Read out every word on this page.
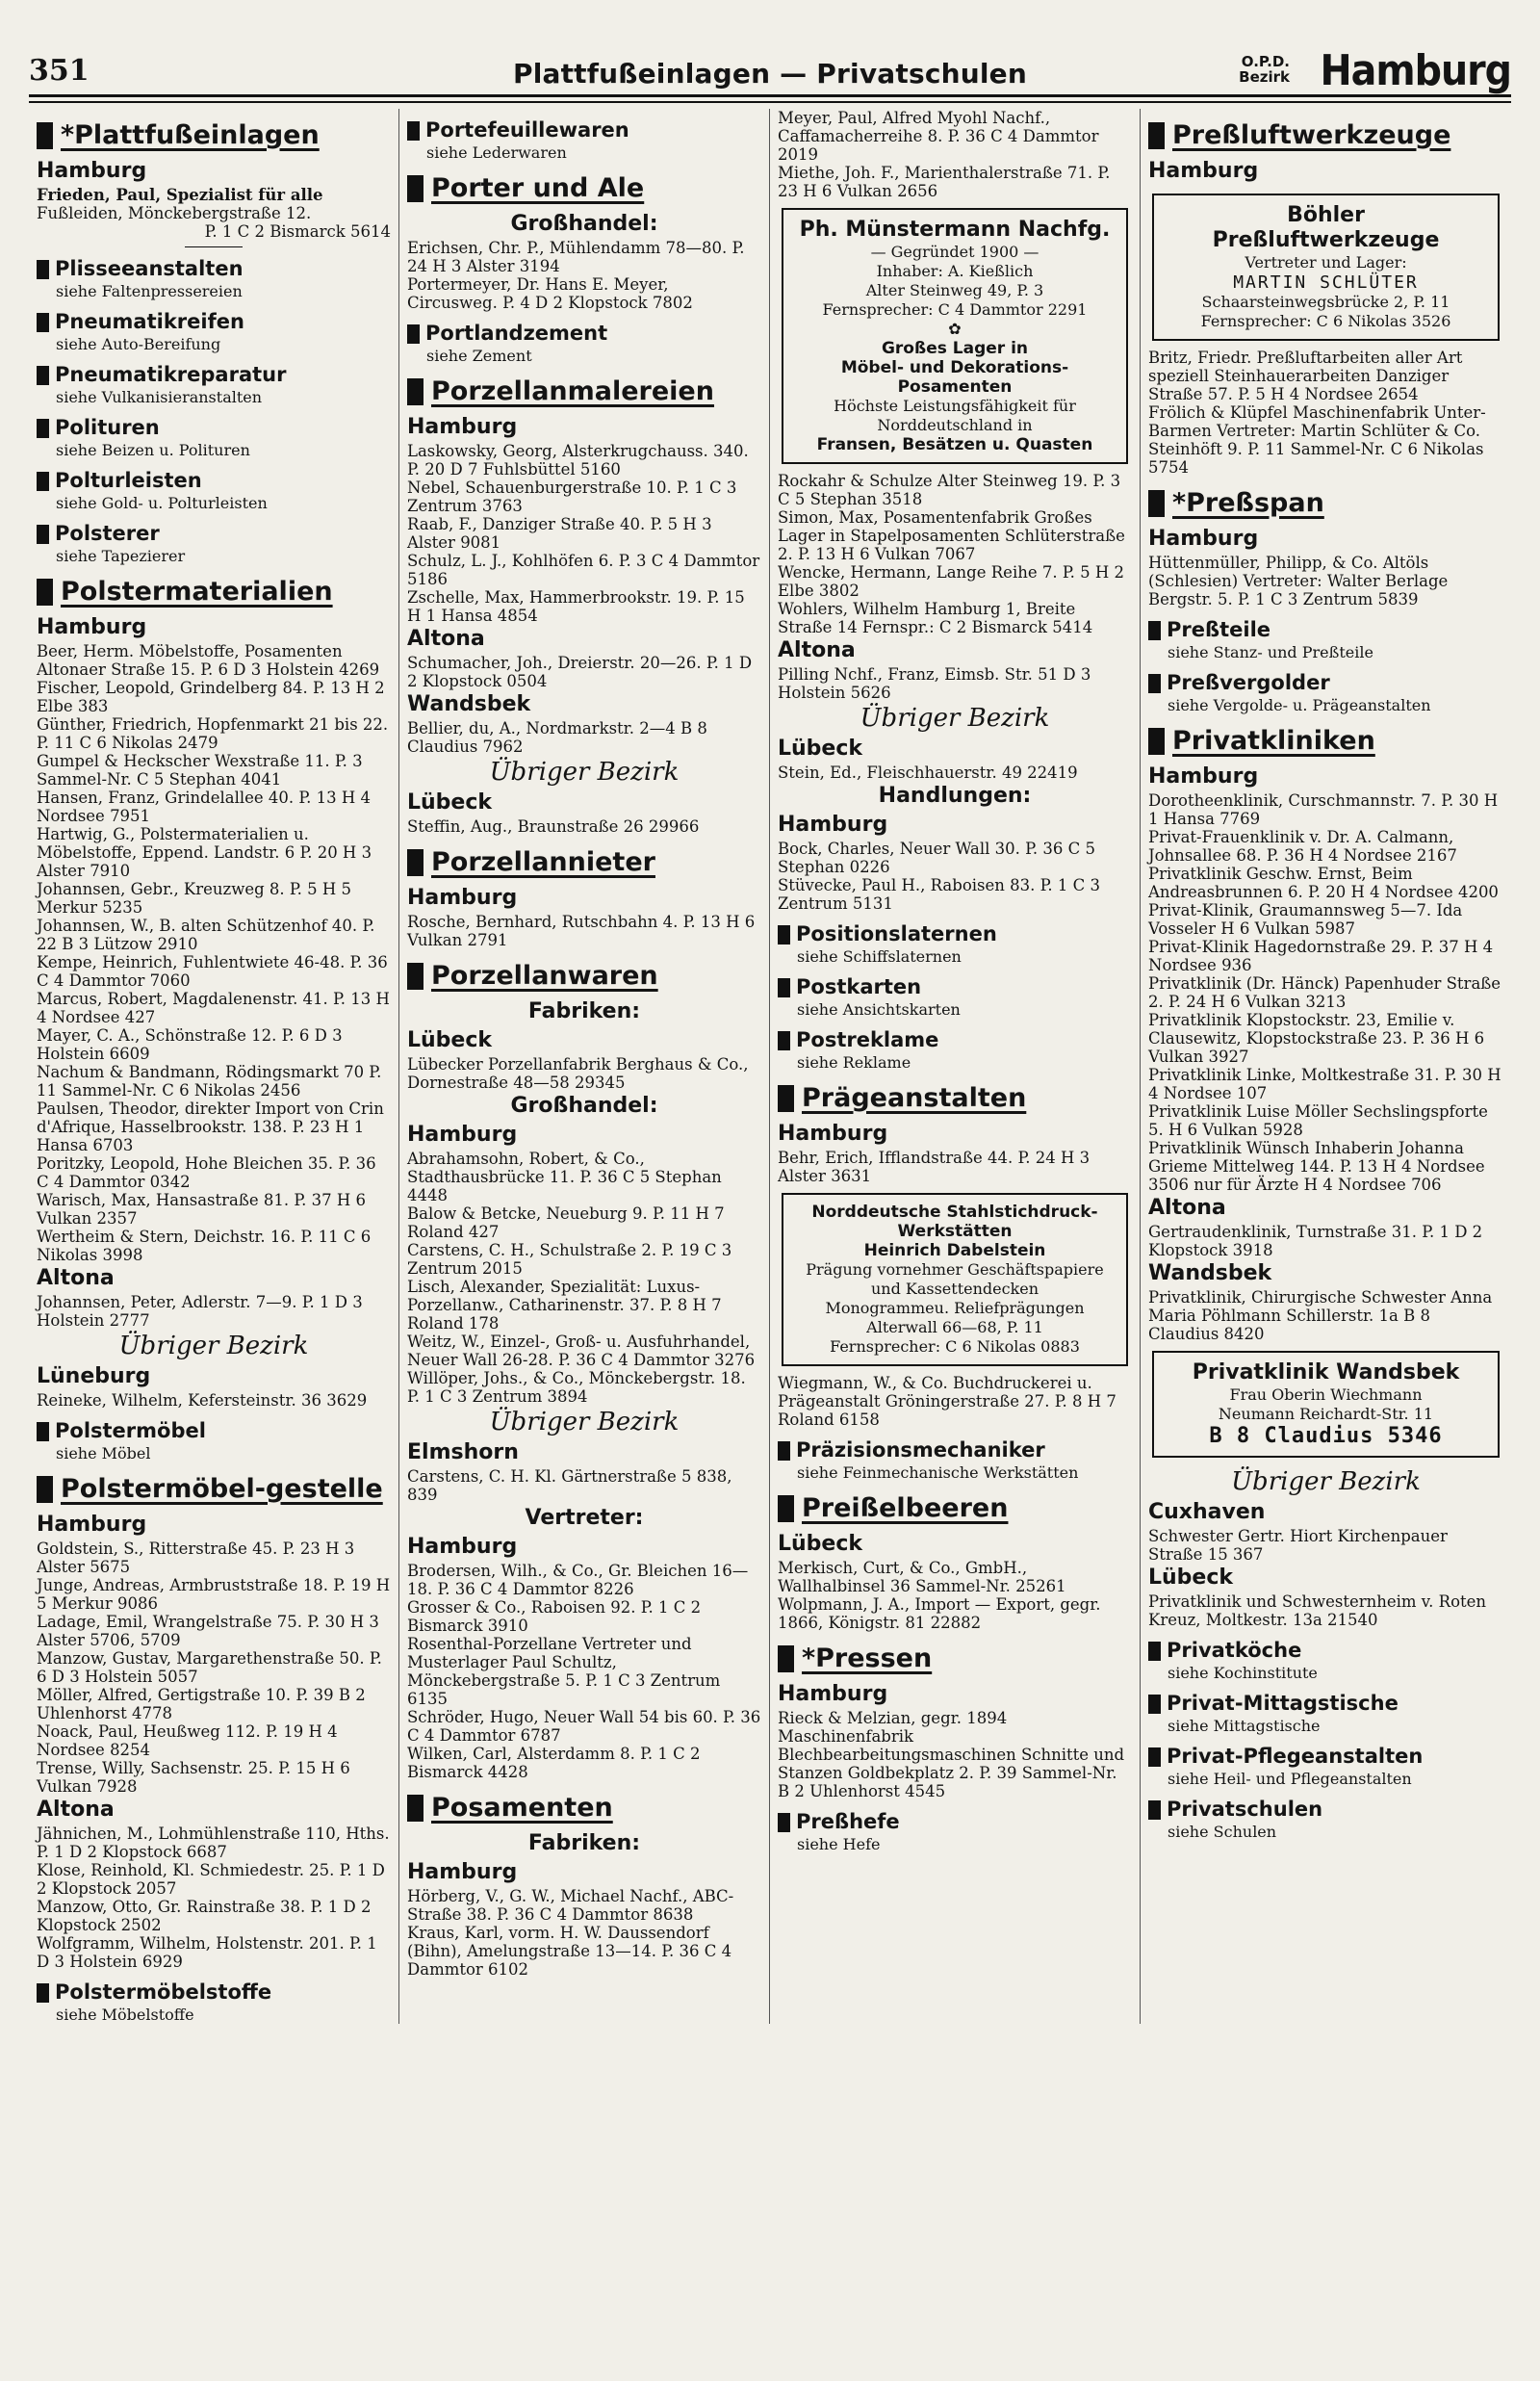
351	Plattfußeinlagen — Privatschulen	O.P.D.
Bezirk Hamburg
*Plattfußeinlagen

Hamburg

Frieden, Paul, Spezialist für alle
Fußleiden, Mönckebergstraße 12.
P. 1 C 2 Bismarck 5614
Plisseeanstalten

siehe Faltenpressereien

Pneumatikreifen

siehe Auto-Bereifung

Pneumatikreparatur

siehe Vulkanisieranstalten

Polituren

siehe Beizen u. Polituren

Polturleisten

siehe Gold- u. Polturleisten

Polsterer

siehe Tapezierer

Polstermaterialien

Hamburg

Beer, Herm. Möbelstoffe, Posamenten Altonaer Straße 15. P. 6 D 3 Holstein 4269

Fischer, Leopold, Grindelberg 84. P. 13 H 2 Elbe 383

Günther, Friedrich, Hopfenmarkt 21 bis 22. P. 11 C 6 Nikolas 2479

Gumpel & Heckscher Wexstraße 11. P. 3 Sammel-Nr. C 5 Stephan 4041

Hansen, Franz, Grindelallee 40. P. 13 H 4 Nordsee 7951

Hartwig, G., Polstermaterialien u. Möbelstoffe, Eppend. Landstr. 6 P. 20 H 3 Alster 7910

Johannsen, Gebr., Kreuzweg 8. P. 5 H 5 Merkur 5235

Johannsen, W., B. alten Schützenhof 40. P. 22 B 3 Lützow 2910

Kempe, Heinrich, Fuhlentwiete 46-48. P. 36 C 4 Dammtor 7060

Marcus, Robert, Magdalenenstr. 41. P. 13 H 4 Nordsee 427

Mayer, C. A., Schönstraße 12. P. 6 D 3 Holstein 6609

Nachum & Bandmann, Rödingsmarkt 70 P. 11 Sammel-Nr. C 6 Nikolas 2456

Paulsen, Theodor, direkter Import von Crin d'Afrique, Hasselbrookstr. 138. P. 23 H 1 Hansa 6703

Poritzky, Leopold, Hohe Bleichen 35. P. 36 C 4 Dammtor 0342

Warisch, Max, Hansastraße 81. P. 37 H 6 Vulkan 2357

Wertheim & Stern, Deichstr. 16. P. 11 C 6 Nikolas 3998

Altona

Johannsen, Peter, Adlerstr. 7—9. P. 1 D 3 Holstein 2777

Übriger Bezirk

Lüneburg

Reineke, Wilhelm, Kefersteinstr. 36 3629

Polstermöbel

siehe Möbel

Polstermöbel-gestelle

Hamburg

Goldstein, S., Ritterstraße 45. P. 23 H 3 Alster 5675

Junge, Andreas, Armbruststraße 18. P. 19 H 5 Merkur 9086

Ladage, Emil, Wrangelstraße 75. P. 30 H 3 Alster 5706, 5709

Manzow, Gustav, Margarethenstraße 50. P. 6 D 3 Holstein 5057

Möller, Alfred, Gertigstraße 10. P. 39 B 2 Uhlenhorst 4778

Noack, Paul, Heußweg 112. P. 19 H 4 Nordsee 8254

Trense, Willy, Sachsenstr. 25. P. 15 H 6 Vulkan 7928

Altona

Jähnichen, M., Lohmühlenstraße 110, Hths. P. 1 D 2 Klopstock 6687

Klose, Reinhold, Kl. Schmiedestr. 25. P. 1 D 2 Klopstock 2057

Manzow, Otto, Gr. Rainstraße 38. P. 1 D 2 Klopstock 2502

Wolfgramm, Wilhelm, Holstenstr. 201. P. 1 D 3 Holstein 6929

Polstermöbelstoffe

siehe Möbelstoffe

Portefeuillewaren

siehe Lederwaren

Porter und Ale

Großhandel:

Erichsen, Chr. P., Mühlendamm 78—80. P. 24 H 3 Alster 3194

Portermeyer, Dr. Hans E. Meyer, Circusweg. P. 4 D 2 Klopstock 7802

Portlandzement

siehe Zement

Porzellanmalereien

Hamburg

Laskowsky, Georg, Alsterkrugchauss. 340. P. 20 D 7 Fuhlsbüttel 5160

Nebel, Schauenburgerstraße 10. P. 1 C 3 Zentrum 3763

Raab, F., Danziger Straße 40. P. 5 H 3 Alster 9081

Schulz, L. J., Kohlhöfen 6. P. 3 C 4 Dammtor 5186

Zschelle, Max, Hammerbrookstr. 19. P. 15 H 1 Hansa 4854

Altona

Schumacher, Joh., Dreierstr. 20—26. P. 1 D 2 Klopstock 0504

Wandsbek

Bellier, du, A., Nordmarkstr. 2—4 B 8 Claudius 7962

Übriger Bezirk

Lübeck

Steffin, Aug., Braunstraße 26 29966

Porzellannieter

Hamburg

Rosche, Bernhard, Rutschbahn 4. P. 13 H 6 Vulkan 2791

Porzellanwaren

Fabriken:

Lübeck

Lübecker Porzellanfabrik Berghaus & Co., Dornestraße 48—58 29345

Großhandel:

Hamburg

Abrahamsohn, Robert, & Co., Stadthausbrücke 11. P. 36 C 5 Stephan 4448

Balow & Betcke, Neueburg 9. P. 11 H 7 Roland 427

Carstens, C. H., Schulstraße 2. P. 19 C 3 Zentrum 2015

Lisch, Alexander, Spezialität: Luxus-Porzellanw., Catharinenstr. 37. P. 8 H 7 Roland 178

Weitz, W., Einzel-, Groß- u. Ausfuhrhandel, Neuer Wall 26-28. P. 36 C 4 Dammtor 3276

Willöper, Johs., & Co., Mönckebergstr. 18. P. 1 C 3 Zentrum 3894

Übriger Bezirk

Elmshorn

Carstens, C. H. Kl. Gärtnerstraße 5 838, 839

Vertreter:

Hamburg

Brodersen, Wilh., & Co., Gr. Bleichen 16—18. P. 36 C 4 Dammtor 8226

Grosser & Co., Raboisen 92. P. 1 C 2 Bismarck 3910

Rosenthal-Porzellane Vertreter und Musterlager Paul Schultz, Mönckebergstraße 5. P. 1 C 3 Zentrum 6135

Schröder, Hugo, Neuer Wall 54 bis 60. P. 36 C 4 Dammtor 6787

Wilken, Carl, Alsterdamm 8. P. 1 C 2 Bismarck 4428

Posamenten

Fabriken:

Hamburg

Hörberg, V., G. W., Michael Nachf., ABC-Straße 38. P. 36 C 4 Dammtor 8638

Kraus, Karl, vorm. H. W. Daussendorf (Bihn), Amelungstraße 13—14. P. 36 C 4 Dammtor 6102

Meyer, Paul, Alfred Myohl Nachf., Caffamacherreihe 8. P. 36 C 4 Dammtor 2019

Miethe, Joh. F., Marienthalerstraße 71. P. 23 H 6 Vulkan 2656

Ph. Münstermann Nachfg.
— Gegründet 1900 —
Inhaber: A. Kießlich
Alter Steinweg 49, P. 3
Fernsprecher: C 4 Dammtor 2291
✿
Großes Lager in
Möbel- und Dekorations-
Posamenten
Höchste Leistungsfähigkeit für
Norddeutschland in
Fransen, Besätzen u. Quasten

Rockahr & Schulze Alter Steinweg 19. P. 3 C 5 Stephan 3518

Simon, Max, Posamentenfabrik Großes Lager in Stapelposamenten Schlüterstraße 2. P. 13 H 6 Vulkan 7067

Wencke, Hermann, Lange Reihe 7. P. 5 H 2 Elbe 3802

Wohlers, Wilhelm Hamburg 1, Breite Straße 14 Fernspr.: C 2 Bismarck 5414

Altona

Pilling Nchf., Franz, Eimsb. Str. 51 D 3 Holstein 5626

Übriger Bezirk

Lübeck

Stein, Ed., Fleischhauerstr. 49 22419

Handlungen:

Hamburg

Bock, Charles, Neuer Wall 30. P. 36 C 5 Stephan 0226

Stüvecke, Paul H., Raboisen 83. P. 1 C 3 Zentrum 5131

Positionslaternen

siehe Schiffslaternen

Postkarten

siehe Ansichtskarten

Postreklame

siehe Reklame

Prägeanstalten

Hamburg

Behr, Erich, Ifflandstraße 44. P. 24 H 3 Alster 3631

Norddeutsche Stahlstichdruck-
Werkstätten
Heinrich Dabelstein
Prägung vornehmer Geschäftspapiere und Kassettendecken
Monogrammeu. Reliefprägungen
Alterwall 66—68, P. 11
Fernsprecher: C 6 Nikolas 0883

Wiegmann, W., & Co. Buchdruckerei u. Prägeanstalt Gröningerstraße 27. P. 8 H 7 Roland 6158

Präzisionsmechaniker

siehe Feinmechanische Werkstätten

Preißelbeeren

Lübeck

Merkisch, Curt, & Co., GmbH., Wallhalbinsel 36 Sammel-Nr. 25261

Wolpmann, J. A., Import — Export, gegr. 1866, Königstr. 81 22882

*Pressen

Hamburg

Rieck & Melzian, gegr. 1894 Maschinenfabrik Blechbearbeitungsmaschinen Schnitte und Stanzen Goldbekplatz 2. P. 39 Sammel-Nr. B 2 Uhlenhorst 4545

Preßhefe

siehe Hefe

Preßluftwerkzeuge

Hamburg

Böhler
Preßluftwerkzeuge
Vertreter und Lager:
MARTIN SCHLÜTER
Schaarsteinwegsbrücke 2, P. 11
Fernsprecher: C 6 Nikolas 3526

Britz, Friedr. Preßluftarbeiten aller Art speziell Steinhauerarbeiten Danziger Straße 57. P. 5 H 4 Nordsee 2654

Frölich & Klüpfel Maschinenfabrik Unter-Barmen Vertreter: Martin Schlüter & Co. Steinhöft 9. P. 11 Sammel-Nr. C 6 Nikolas 5754

*Preßspan

Hamburg

Hüttenmüller, Philipp, & Co. Altöls (Schlesien) Vertreter: Walter Berlage Bergstr. 5. P. 1 C 3 Zentrum 5839

Preßteile

siehe Stanz- und Preßteile

Preßvergolder

siehe Vergolde- u. Prägeanstalten

Privatkliniken

Hamburg

Dorotheenklinik, Curschmannstr. 7. P. 30 H 1 Hansa 7769

Privat-Frauenklinik v. Dr. A. Calmann, Johnsallee 68. P. 36 H 4 Nordsee 2167

Privatklinik Geschw. Ernst, Beim Andreasbrunnen 6. P. 20 H 4 Nordsee 4200

Privat-Klinik, Graumannsweg 5—7. Ida Vosseler H 6 Vulkan 5987

Privat-Klinik Hagedornstraße 29. P. 37 H 4 Nordsee 936

Privatklinik (Dr. Hänck) Papenhuder Straße 2. P. 24 H 6 Vulkan 3213

Privatklinik Klopstockstr. 23, Emilie v. Clausewitz, Klopstockstraße 23. P. 36 H 6 Vulkan 3927

Privatklinik Linke, Moltkestraße 31. P. 30 H 4 Nordsee 107

Privatklinik Luise Möller Sechslingspforte 5. H 6 Vulkan 5928

Privatklinik Wünsch Inhaberin Johanna Grieme Mittelweg 144. P. 13 H 4 Nordsee 3506 nur für Ärzte H 4 Nordsee 706

Altona

Gertraudenklinik, Turnstraße 31. P. 1 D 2 Klopstock 3918

Wandsbek

Privatklinik, Chirurgische Schwester Anna Maria Pöhlmann Schillerstr. 1a B 8 Claudius 8420

Privatklinik Wandsbek
Frau Oberin Wiechmann
Neumann Reichardt-Str. 11
B 8 Claudius 5346

Übriger Bezirk

Cuxhaven

Schwester Gertr. Hiort Kirchenpauer Straße 15 367

Lübeck

Privatklinik und Schwesternheim v. Roten Kreuz, Moltkestr. 13a 21540

Privatköche

siehe Kochinstitute

Privat-Mittagstische

siehe Mittagstische

Privat-Pflegeanstalten

siehe Heil- und Pflegeanstalten

Privatschulen

siehe Schulen
